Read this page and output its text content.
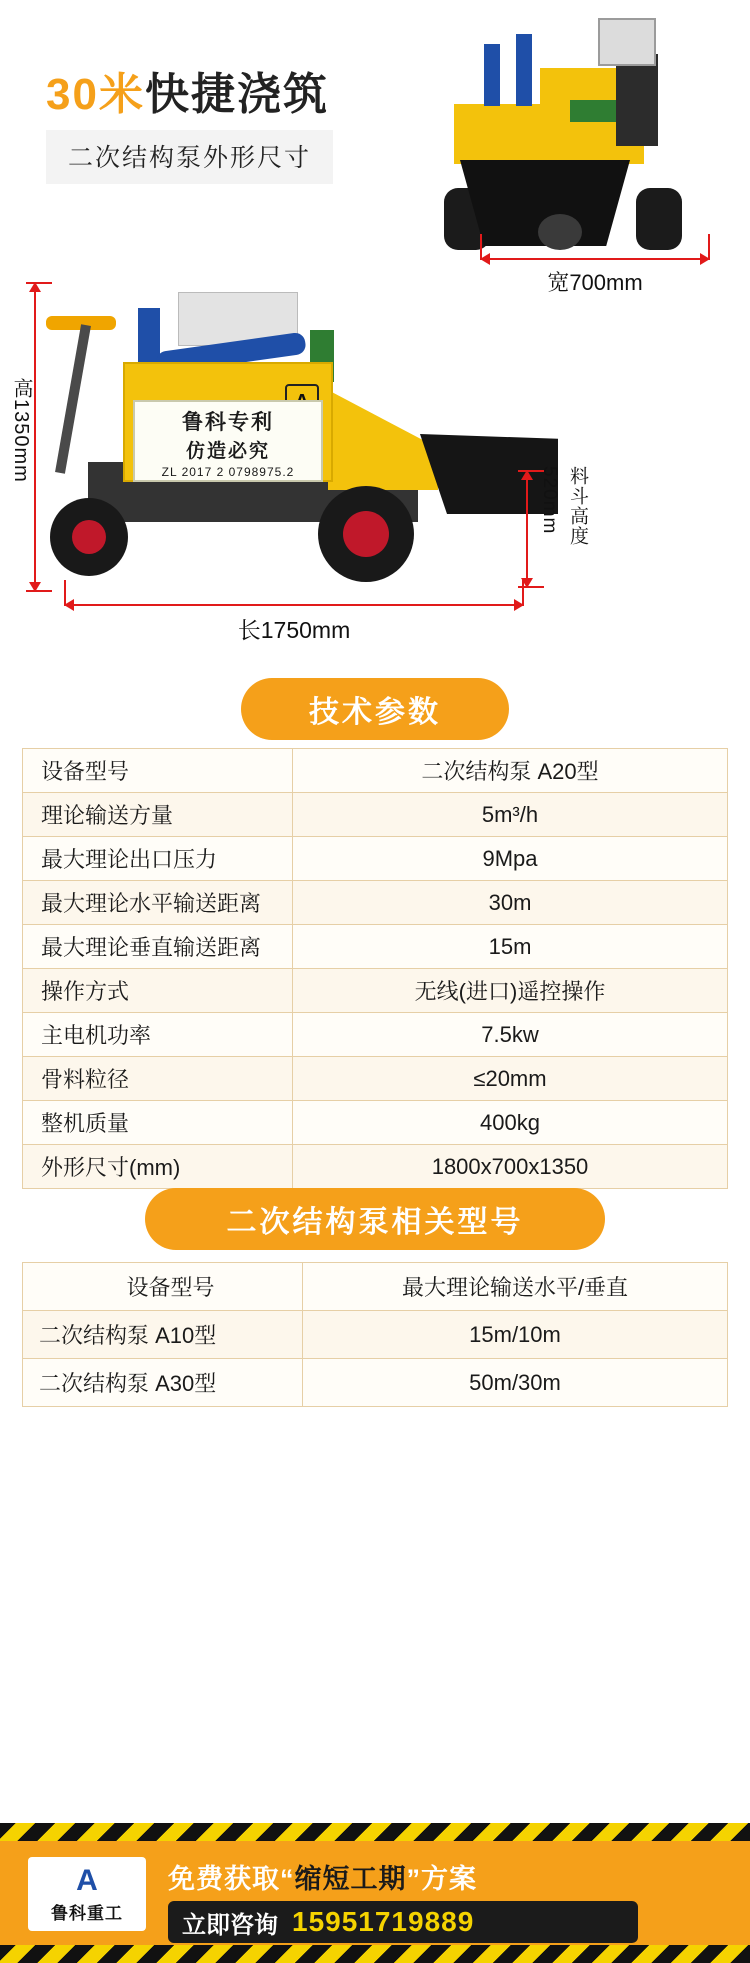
30米快捷浇筑
二次结构泵外形尺寸
宽700mm
鲁科专利
仿造必究
ZL 2017 2 0798975.2
高1350mm
520mm 料斗高度
长1750mm
技术参数
设备型号	二次结构泵 A20型
理论输送方量	5m³/h
最大理论出口压力	9Mpa
最大理论水平输送距离	30m
最大理论垂直输送距离	15m
操作方式	无线(进口)遥控操作
主电机功率	7.5kw
骨料粒径	≤20mm
整机质量	400kg
外形尺寸(mm)	1800x700x1350
二次结构泵相关型号
设备型号	最大理论输送水平/垂直
二次结构泵 A10型	15m/10m
二次结构泵 A30型	50m/30m
A
鲁科重工
免费获取“缩短工期”方案
立即咨询 15951719889
